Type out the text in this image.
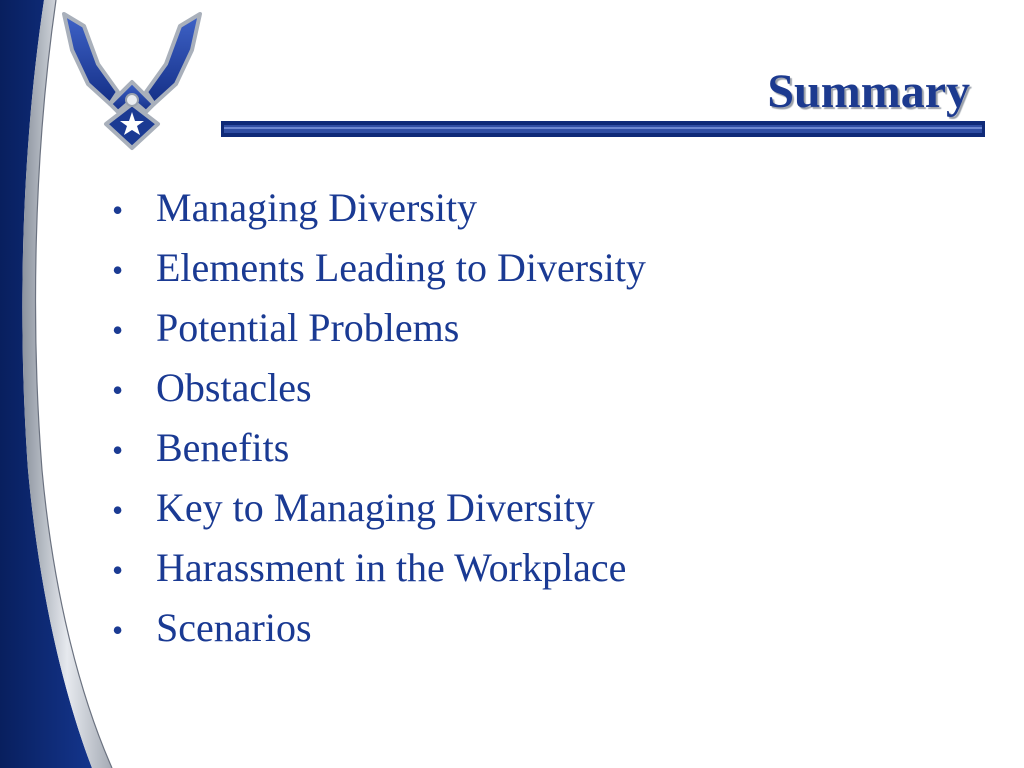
Summary
• Managing Diversity
• Elements Leading to Diversity
• Potential Problems
• Obstacles
• Benefits
• Key to Managing Diversity
• Harassment in the Workplace
• Scenarios
